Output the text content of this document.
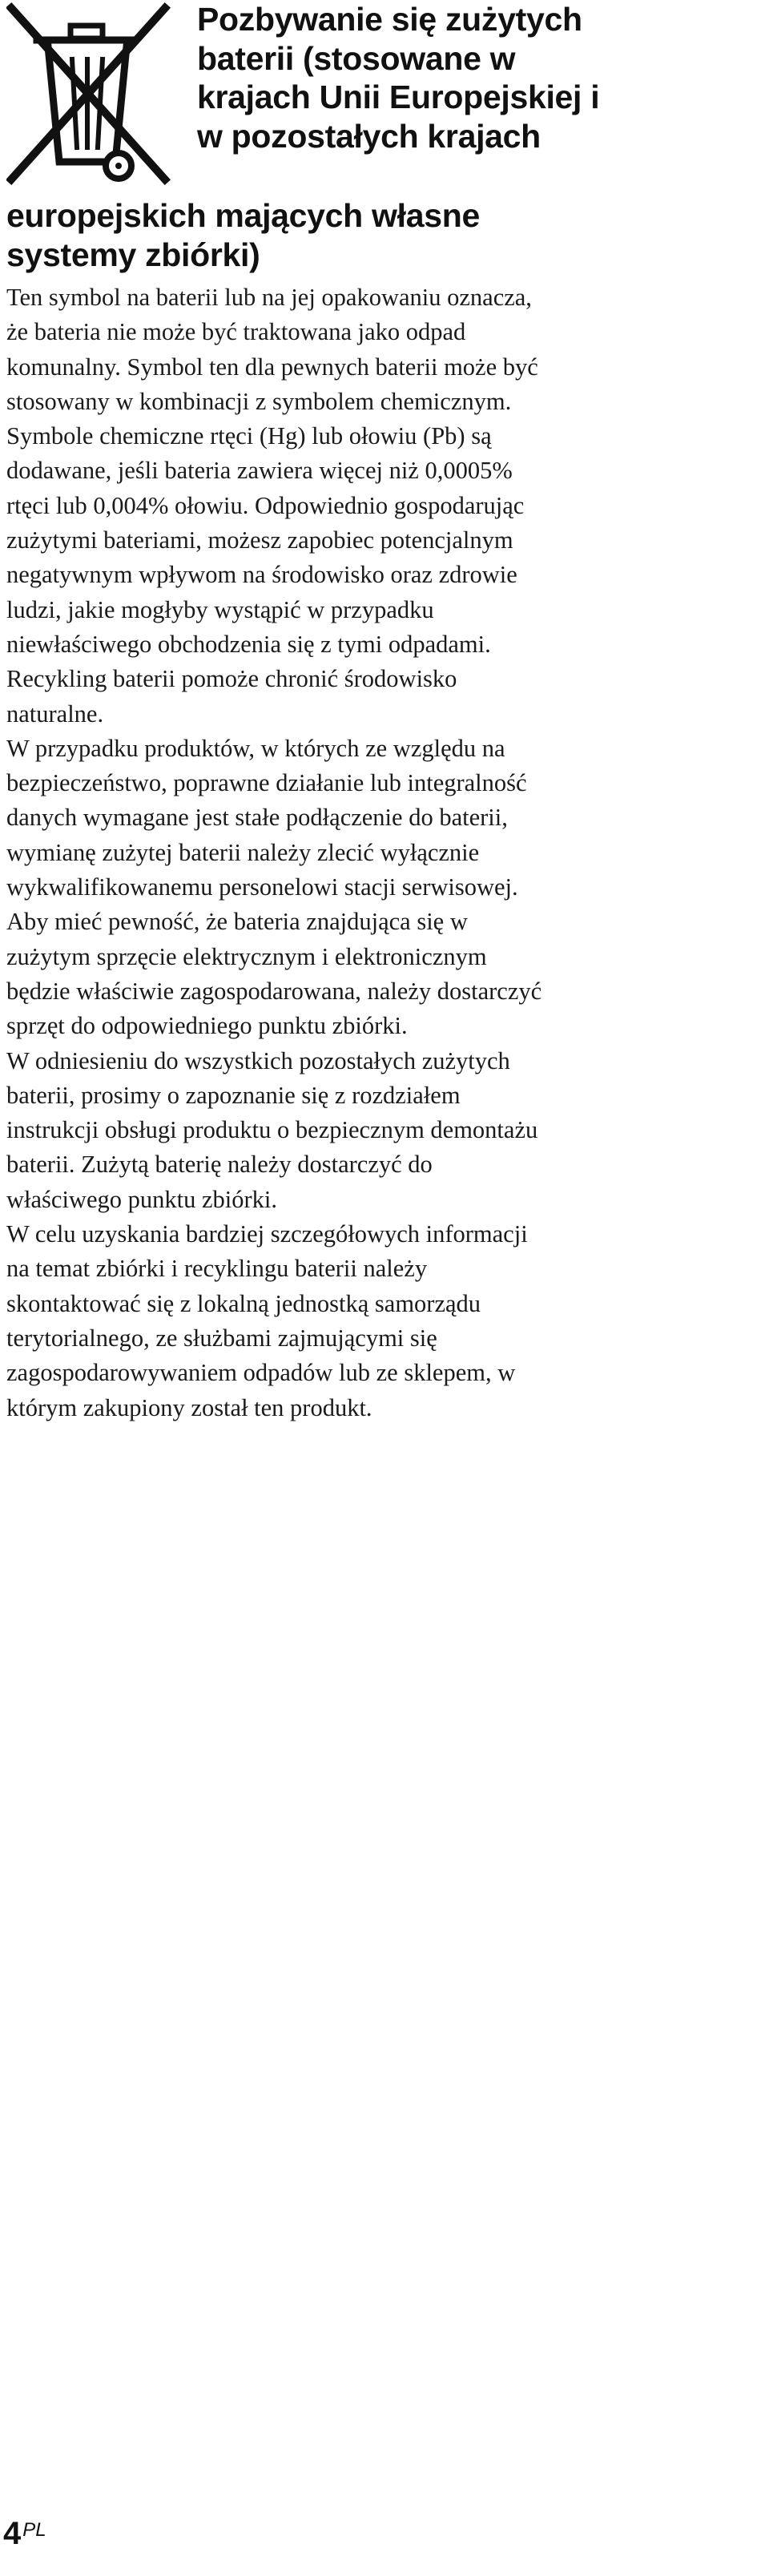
Pozbywanie się zużytych
baterii (stosowane w
krajach Unii Europejskiej i
w pozostałych krajach
europejskich mających własne
systemy zbiórki)

Ten symbol na baterii lub na jej opakowaniu oznacza,
że bateria nie może być traktowana jako odpad
komunalny. Symbol ten dla pewnych baterii może być
stosowany w kombinacji z symbolem chemicznym.
Symbole chemiczne rtęci (Hg) lub ołowiu (Pb) są
dodawane, jeśli bateria zawiera więcej niż 0,0005%
rtęci lub 0,004% ołowiu. Odpowiednio gospodarując
zużytymi bateriami, możesz zapobiec potencjalnym
negatywnym wpływom na środowisko oraz zdrowie
ludzi, jakie mogłyby wystąpić w przypadku
niewłaściwego obchodzenia się z tymi odpadami.
Recykling baterii pomoże chronić środowisko
naturalne.

W przypadku produktów, w których ze względu na
bezpieczeństwo, poprawne działanie lub integralność
danych wymagane jest stałe podłączenie do baterii,
wymianę zużytej baterii należy zlecić wyłącznie
wykwalifikowanemu personelowi stacji serwisowej.
Aby mieć pewność, że bateria znajdująca się w
zużytym sprzęcie elektrycznym i elektronicznym
będzie właściwie zagospodarowana, należy dostarczyć
sprzęt do odpowiedniego punktu zbiórki.

W odniesieniu do wszystkich pozostałych zużytych
baterii, prosimy o zapoznanie się z rozdziałem
instrukcji obsługi produktu o bezpiecznym demontażu
baterii. Zużytą baterię należy dostarczyć do
właściwego punktu zbiórki.

W celu uzyskania bardziej szczegółowych informacji
na temat zbiórki i recyklingu baterii należy
skontaktować się z lokalną jednostką samorządu
terytorialnego, ze służbami zajmującymi się
zagospodarowywaniem odpadów lub ze sklepem, w
którym zakupiony został ten produkt.

4PL
